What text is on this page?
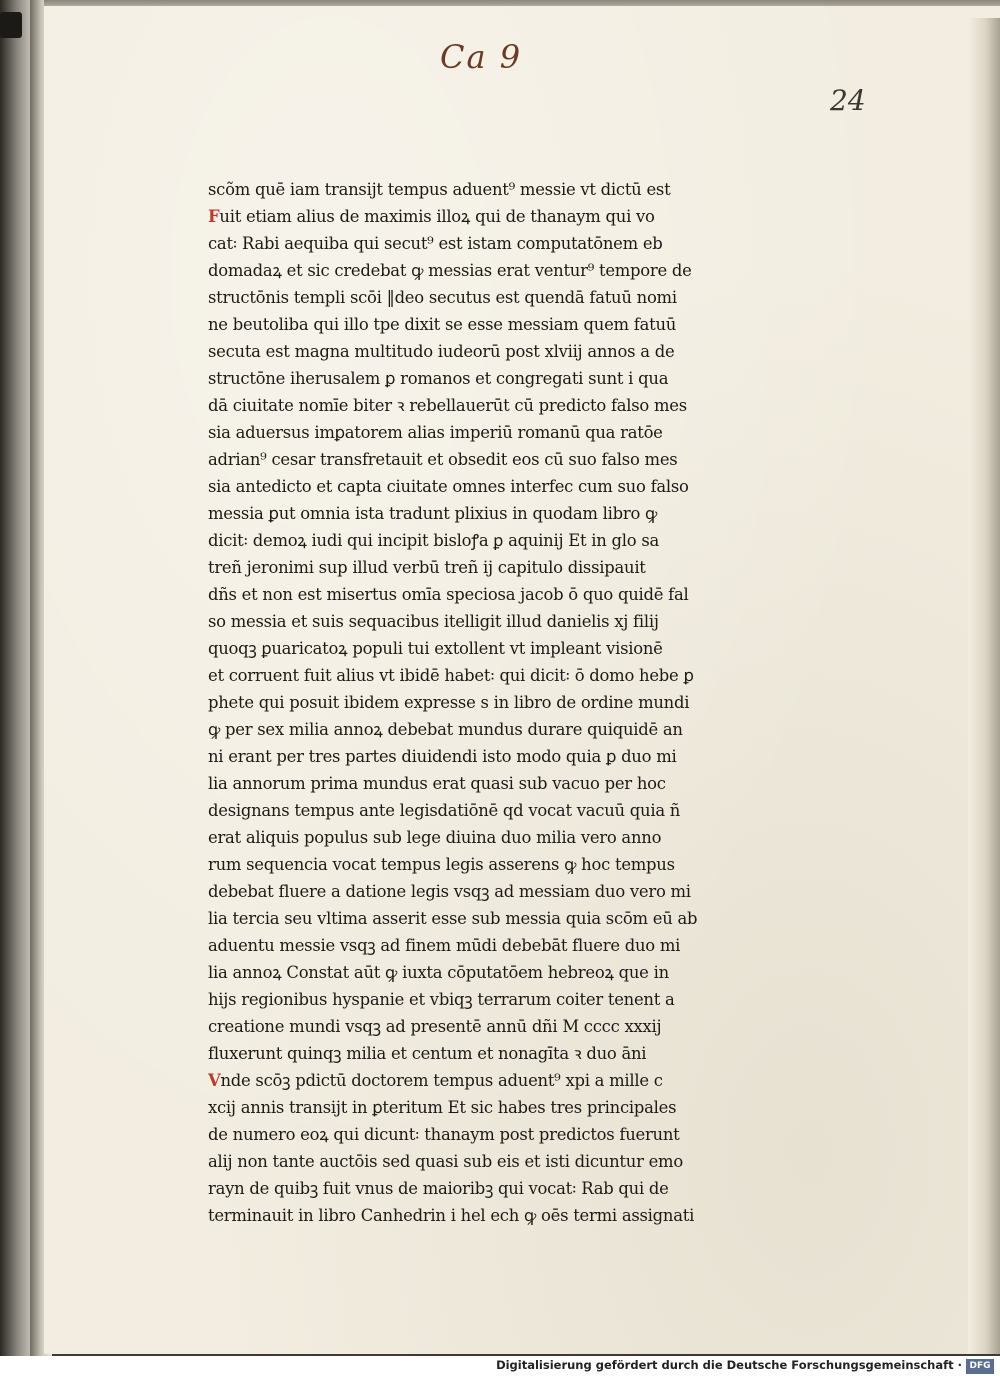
Ca 9
24
scõm quē iam transijt tempus aduent⁹ messie vt dictū est
Fuit etiam alius de maximis illoꝝ qui de thanaym qui vo
cat꞉ Rabi aequiba qui secut⁹ est istam computatōnem eb
domadaꝝ et sic credebat ꝙ messias erat ventur⁹ tempore de
structōnis templi scōi ‖deo secutus est quendā fatuū nomi
ne beutoliba qui illo tpe dixit se esse messiam quem fatuū
secuta est magna multitudo iudeorū post xlviij annos a de
structōne iherusalem ꝑ romanos et congregati sunt i qua
dā ciuitate nomīe biter ꝛ rebellauerūt cū predicto falso mes
sia aduersus imꝑatorem alias imperiū romanū qua ratōe
adrian⁹ cesar transfretauit et obsedit eos cū suo falso mes
sia antedicto et capta ciuitate omnes interfec cum suo falso
messia ꝑut omnia ista tradunt plixius in quodam libro ꝙ
dicit꞉ demoꝝ iudi qui incipit bisloꝭa ꝑ aquinij Et in glo sa
treñ jeronimi sup illud verbū treñ ij capitulo dissipauit
dñs et non est misertus omīa speciosa jacob ō quo quidē fal
so messia et suis sequacibus itelligit illud danielis xj filij
quoqꝫ ꝑuaricatoꝝ populi tui extollent vt impleant visionē
et corruent fuit alius vt ibidē habet꞉ qui dicit꞉ ō domo hebe ꝑ
phete qui posuit ibidem expresse s in libro de ordine mundi
ꝙ per sex milia annoꝝ debebat mundus durare quiquidē an
ni erant per tres partes diuidendi isto modo quia ꝑ duo mi
lia annorum prima mundus erat quasi sub vacuo per hoc
designans tempus ante legisdatiōnē qd vocat vacuū quia ñ
erat aliquis populus sub lege diuina duo milia vero anno
rum sequencia vocat tempus legis asserens ꝙ hoc tempus
debebat fluere a datione legis vsqꝫ ad messiam duo vero mi
lia tercia seu vltima asserit esse sub messia quia scōm eū ab
aduentu messie vsqꝫ ad finem mūdi debebāt fluere duo mi
lia annoꝝ Constat aūt ꝙ iuxta cōputatōem hebreoꝝ que in
hijs regionibus hyspanie et vbiqꝫ terrarum coiter tenent a
creatione mundi vsqꝫ ad presentē annū dñi M cccc xxxij
fluxerunt quinqꝫ milia et centum et nonagīta ꝛ duo āni
Vnde scōꝫ pdictū doctorem tempus aduent⁹ xpi a mille c
xcij annis transijt in ꝑteritum Et sic habes tres principales
de numero eoꝝ qui dicunt꞉ thanaym post predictos fuerunt
alij non tante auctōis sed quasi sub eis et isti dicuntur emo
rayn de quibꝫ fuit vnus de maioribꝫ qui vocat꞉ Rab qui de
terminauit in libro Canhedrin i hel ech ꝙ oēs termi assignati
Digitalisierung gefördert durch die Deutsche Forschungsgemeinschaft · DFG
